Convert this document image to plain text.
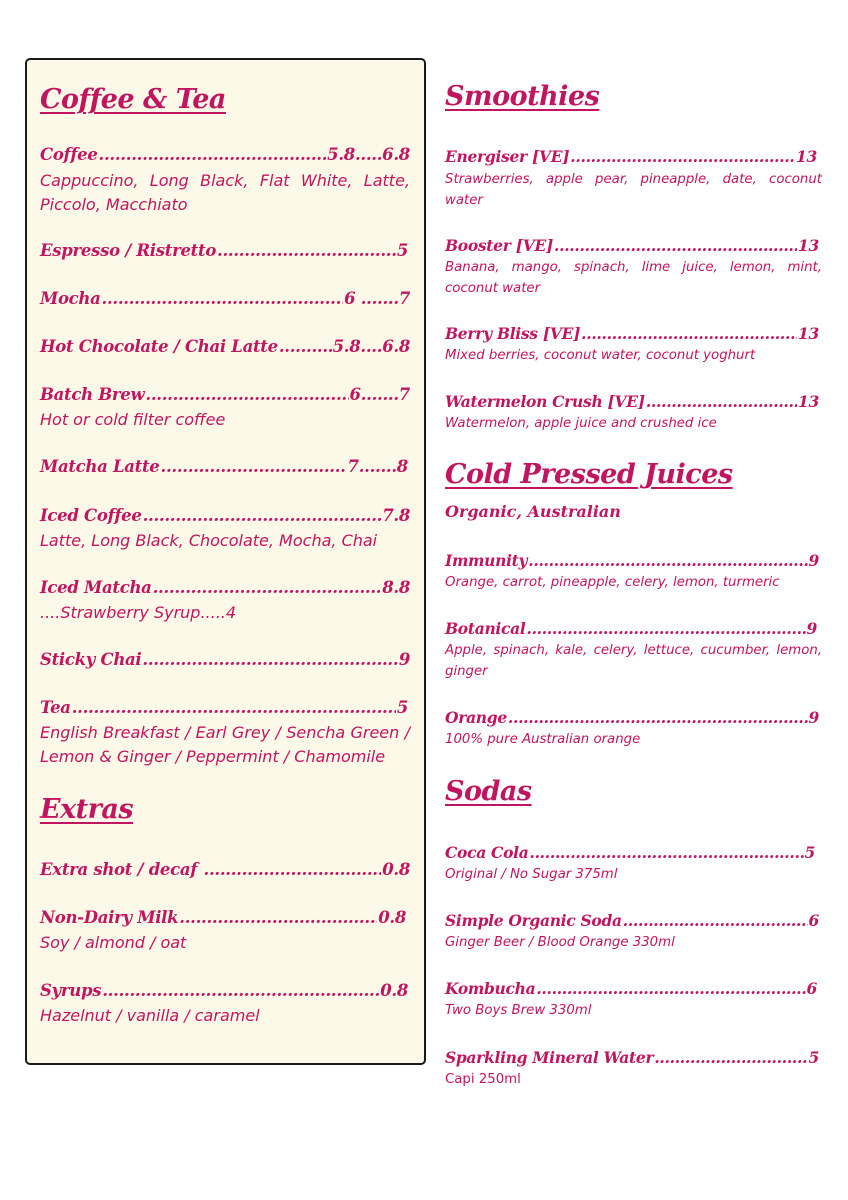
Coffee & Tea
Coffee .....	5.8.....6.8
Cappuccino, Long Black, Flat White, Latte, Piccolo, Macchiato
Espresso / Ristretto .....	5
Mocha .....	6 .......7
Hot Chocolate / Chai Latte .....	5.8....6.8
Batch Brew .....	6.......7
Hot or cold filter coffee
Matcha Latte .....	7.......8
Iced Coffee .....	7.8
Latte, Long Black, Chocolate, Mocha, Chai
Iced Matcha .....	8.8
....Strawberry Syrup.....4
Sticky Chai .....	9
Tea .....	5
English Breakfast / Earl Grey / Sencha Green / Lemon & Ginger / Peppermint / Chamomile
Extras
Extra shot / decaf .....	0.8
Non-Dairy Milk .....	0.8
Soy / almond / oat
Syrups .....	0.8
Hazelnut / vanilla / caramel
Smoothies
Energiser [VE] .....	13
Strawberries, apple pear, pineapple, date, coconut water
Booster [VE] .....	13
Banana, mango, spinach, lime juice, lemon, mint, coconut water
Berry Bliss [VE] .....	13
Mixed berries, coconut water, coconut yoghurt
Watermelon Crush [VE] .....	13
Watermelon, apple juice and crushed ice
Cold Pressed Juices
Organic, Australian
Immunity .....	9
Orange, carrot, pineapple, celery, lemon, turmeric
Botanical .....	9
Apple, spinach, kale, celery, lettuce, cucumber, lemon, ginger
Orange .....	9
100% pure Australian orange
Sodas
Coca Cola .....	5
Original / No Sugar 375ml
Simple Organic Soda .....	6
Ginger Beer / Blood Orange 330ml
Kombucha .....	6
Two Boys Brew 330ml
Sparkling Mineral Water .....	5
Capi 250ml
